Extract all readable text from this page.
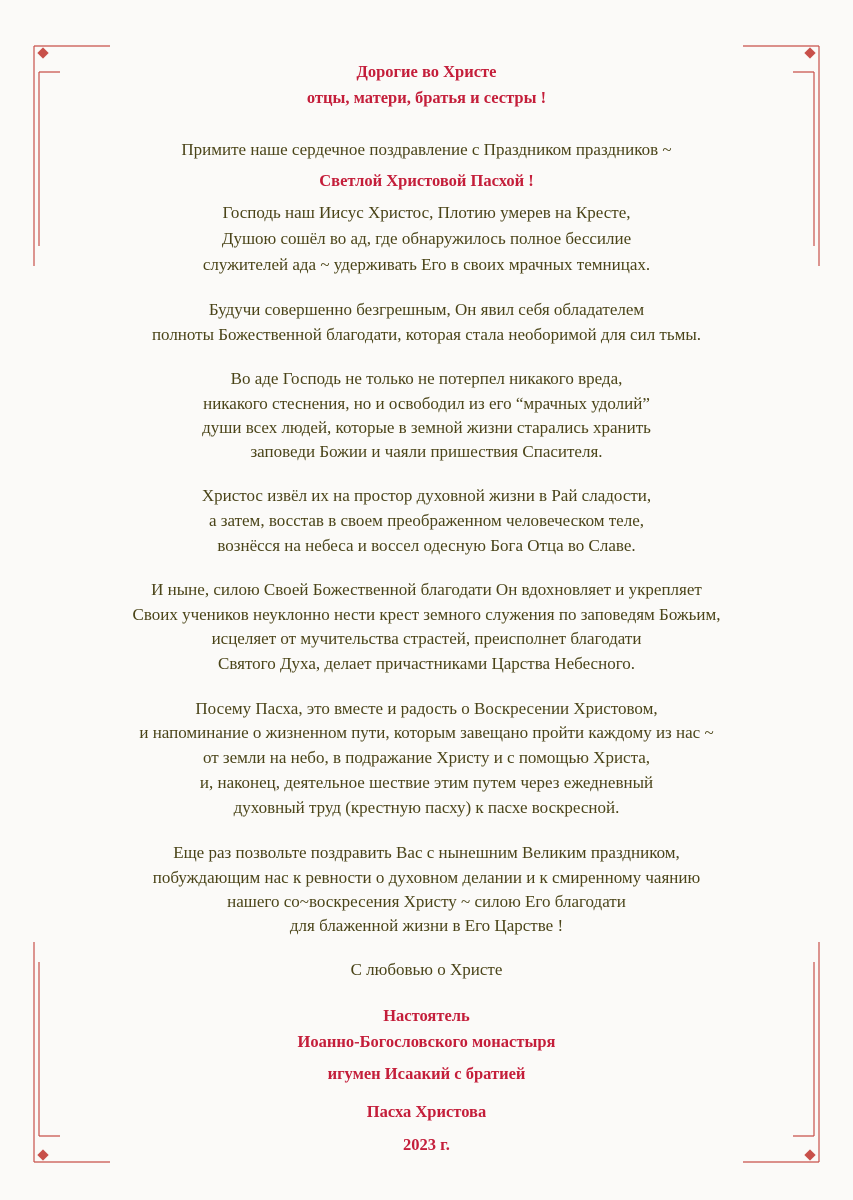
Дорогие во Христе
отцы, матери, братья и сестры !
Примите наше сердечное поздравление с Праздником праздников ~
Светлой Христовой Пасхой !
Господь наш Иисус Христос, Плотию умерев на Кресте,
Душою сошёл во ад, где обнаружилось полное бессилие
служителей ада ~ удерживать Его в своих мрачных темницах.
Будучи совершенно безгрешным, Он явил себя обладателем
полноты Божественной благодати, которая стала необоримой для сил тьмы.
Во аде Господь не только не потерпел никакого вреда,
никакого стеснения, но и освободил из его “мрачных удолий”
души всех людей, которые в земной жизни старались хранить
заповеди Божии и чаяли пришествия Спасителя.
Христос извёл их на простор духовной жизни в Рай сладости,
а затем, восстав в своем преображенном человеческом теле,
вознёсся на небеса и воссел одесную Бога Отца во Славе.
И ныне, силою Своей Божественной благодати Он вдохновляет и укрепляет
Своих учеников неуклонно нести крест земного служения по заповедям Божьим,
исцеляет от мучительства страстей, преисполнет благодати
Святого Духа, делает причастниками Царства Небесного.
Посему Пасха, это вместе и радость о Воскресении Христовом,
и напоминание о жизненном пути, которым завещано пройти каждому из нас ~
от земли на небо, в подражание Христу и с помощью Христа,
и, наконец, деятельное шествие этим путем через ежедневный
духовный труд (крестную пасху) к пасхе воскресной.
Еще раз позвольте поздравить Вас с нынешним Великим праздником,
побуждающим нас к ревности о духовном делании и к смиренному чаянию
нашего со~воскресения Христу ~ силою Его благодати
для блаженной жизни в Его Царстве !
С любовью о Христе
Настоятель
Иоанно-Богословского монастыря
игумен Исаакий с братией
Пасха Христова
2023 г.
